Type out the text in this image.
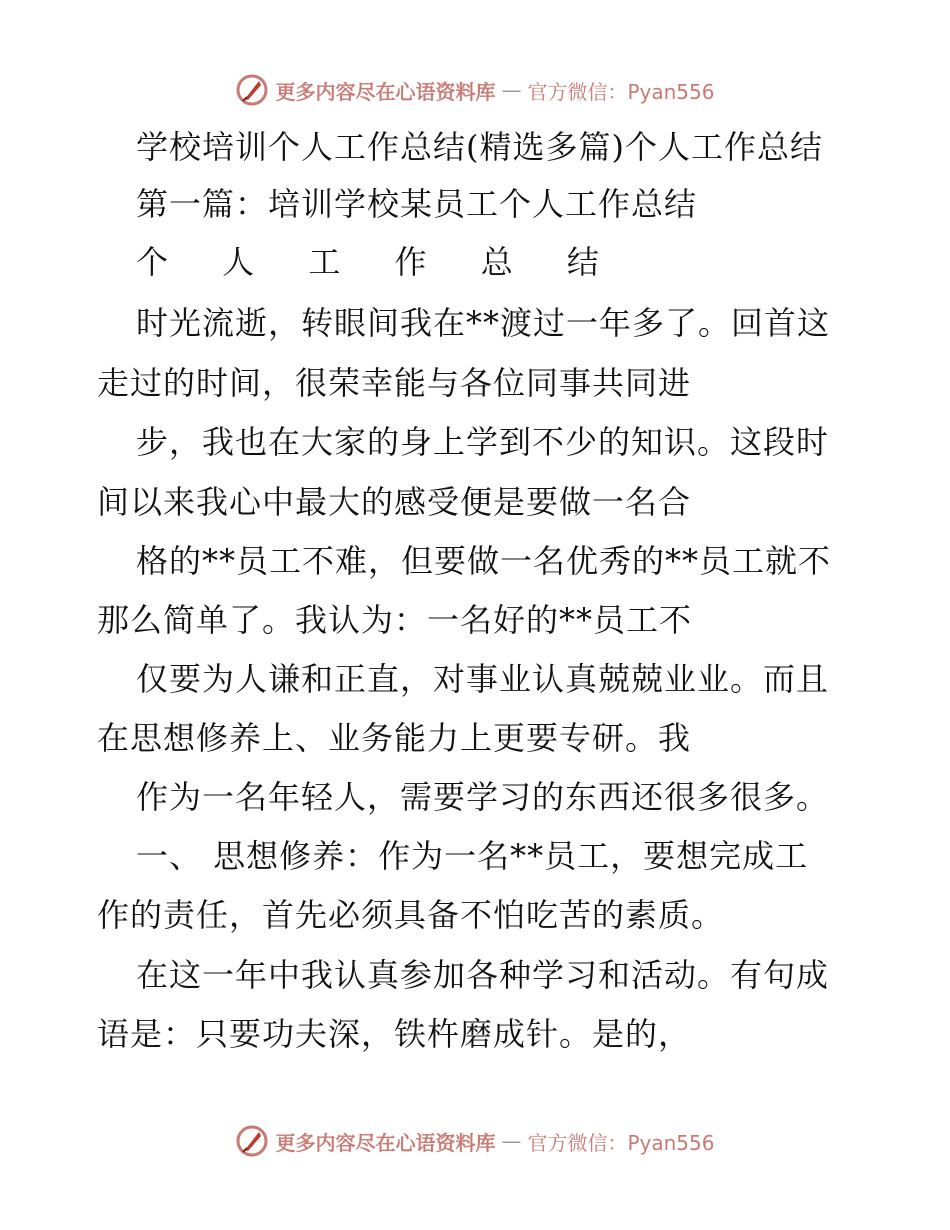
更多内容尽在心语资料库 — 官方微信：Pyan556
学校培训个人工作总结(精选多篇)个人工作总结
第一篇：培训学校某员工个人工作总结
个 人 工 作 总 结
时光流逝，转眼间我在**渡过一年多了。回首这
走过的时间，很荣幸能与各位同事共同进
步，我也在大家的身上学到不少的知识。这段时
间以来我心中最大的感受便是要做一名合
格的**员工不难，但要做一名优秀的**员工就不
那么简单了。我认为：一名好的**员工不
仅要为人谦和正直，对事业认真兢兢业业。而且
在思想修养上、业务能力上更要专研。我
作为一名年轻人，需要学习的东西还很多很多。
一、 思想修养：作为一名**员工，要想完成工
作的责任，首先必须具备不怕吃苦的素质。
在这一年中我认真参加各种学习和活动。有句成
语是：只要功夫深，铁杵磨成针。是的，
更多内容尽在心语资料库 — 官方微信：Pyan556
